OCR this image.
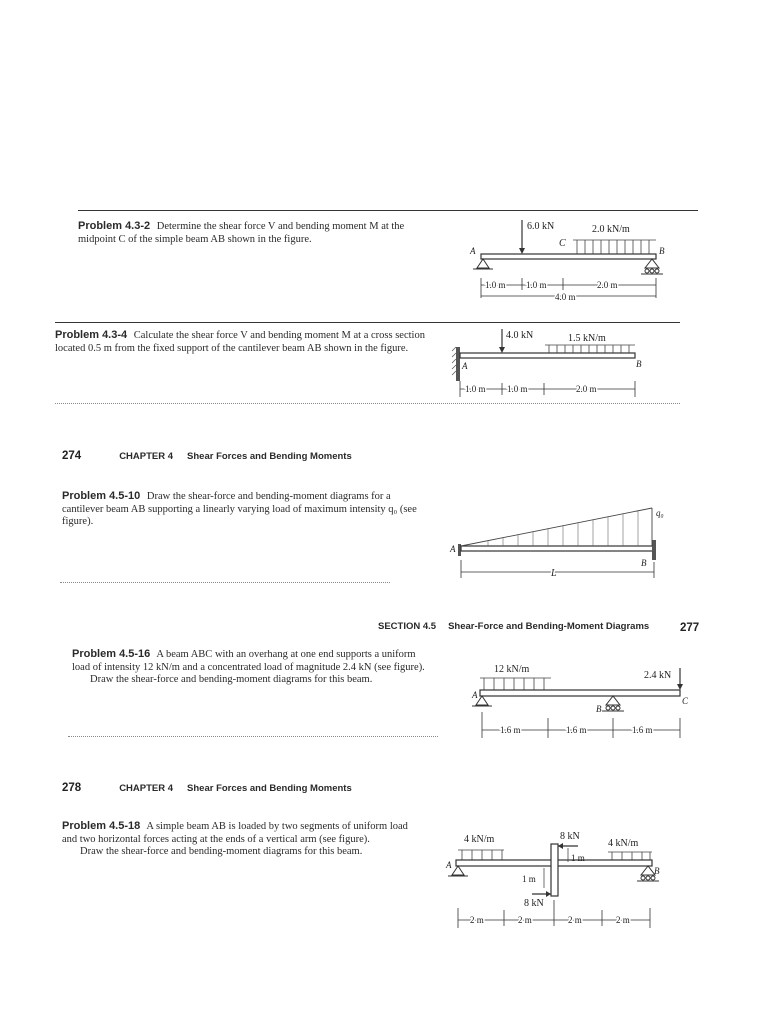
Problem 4.3-2 Determine the shear force V and bending moment M at the midpoint C of the simple beam AB shown in the figure.
6.0 kN	2.0 kN/m
C
A	B
1.0 m 1.0 m	2.0 m
4.0 m
Problem 4.3-4 Calculate the shear force V and bending moment M at a cross section located 0.5 m from the fixed support of the cantilever beam AB shown in the figure.
A
4.0 kN	1.5 kN/m
B
1.0 m 1.0 m	2.0 m
274	CHAPTER 4 Shear Forces and Bending Moments
Problem 4.5-10 Draw the shear-force and bending-moment diagrams for a cantilever beam AB supporting a linearly varying load of maximum intensity q₀ (see figure).
A
q₀
B
L
SECTION 4.5 Shear-Force and Bending-Moment Diagrams	277
Problem 4.5-16 A beam ABC with an overhang at one end supports a uniform load of intensity 12 kN/m and a concentrated load of magnitude 2.4 kN (see figure).
Draw the shear-force and bending-moment diagrams for this beam.
12 kN/m
A
2.4 kN
C
B
1.6 m	1.6 m	1.6 m
278	CHAPTER 4 Shear Forces and Bending Moments
Problem 4.5-18 A simple beam AB is loaded by two segments of uniform load and two horizontal forces acting at the ends of a vertical arm (see figure).
Draw the shear-force and bending-moment diagrams for this beam.
4 kN/m	4 kN/m
A
B
8 kN
8 kN
1 m
1 m
2 m	2 m	2 m	2 m
